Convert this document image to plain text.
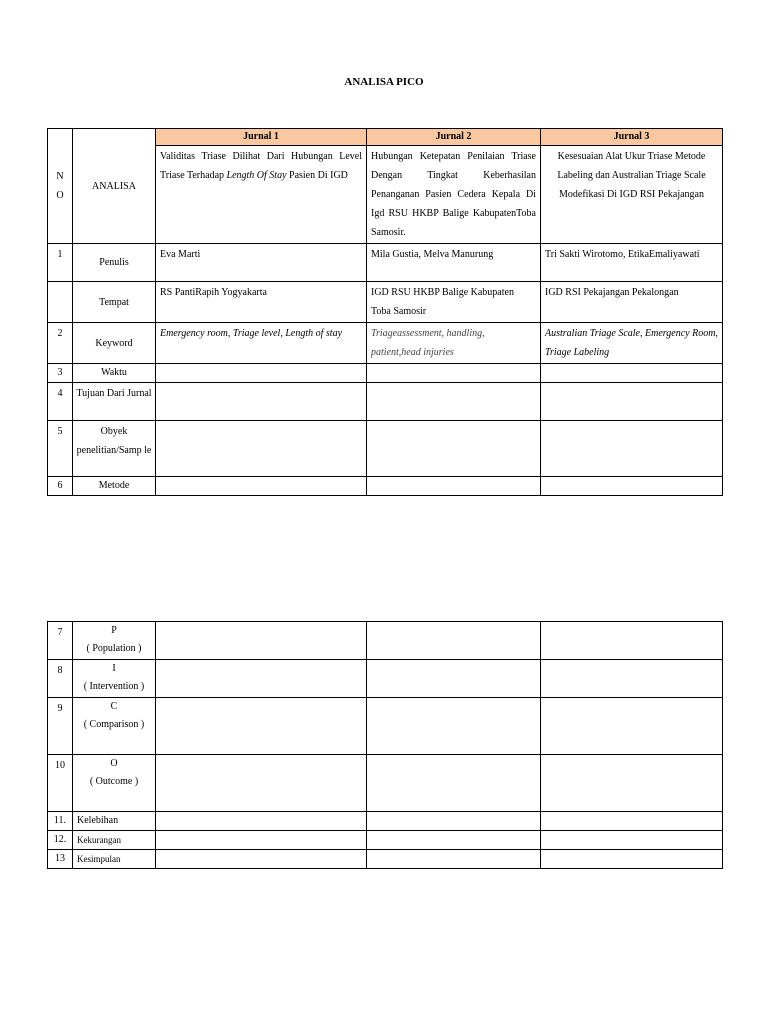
ANALISA PICO
N O	ANALISA	Jurnal 1	Jurnal 2	Jurnal 3
		Validitas Triase Dilihat Dari Hubungan Level Triase Terhadap Length Of Stay Pasien Di IGD	Hubungan Ketepatan Penilaian Triase Dengan Tingkat Keberhasilan Penanganan Pasien Cedera Kepala Di Igd RSU HKBP Balige KabupatenToba Samosir.	Kesesuaian Alat Ukur Triase Metode Labeling dan Australian Triage Scale Modefikasi Di IGD RSI Pekajangan
1	Penulis	Eva Marti	Mila Gustia, Melva Manurung	Tri Sakti Wirotomo, EtikaEmaliyawati
	Tempat	RS PantiRapih Yogyakarta	IGD RSU HKBP Balige Kabupaten Toba Samosir	IGD RSI Pekajangan Pekalongan
2	Keyword	Emergency room, Triage level, Length of stay	Triageassessment, handling, patient,head injuries	Australian Triage Scale, Emergency Room, Triage Labeling
3	Waktu			
4	Tujuan Dari Jurnal			
5	Obyek penelitian/Samp le			
6	Metode			
7	P
( Population )			

8	I
( Intervention )			

9	C
( Comparison )			

10	O
( Outcome )			

11.	Kelebihan			
12.	Kekurangan			
13	Kesimpulan			
